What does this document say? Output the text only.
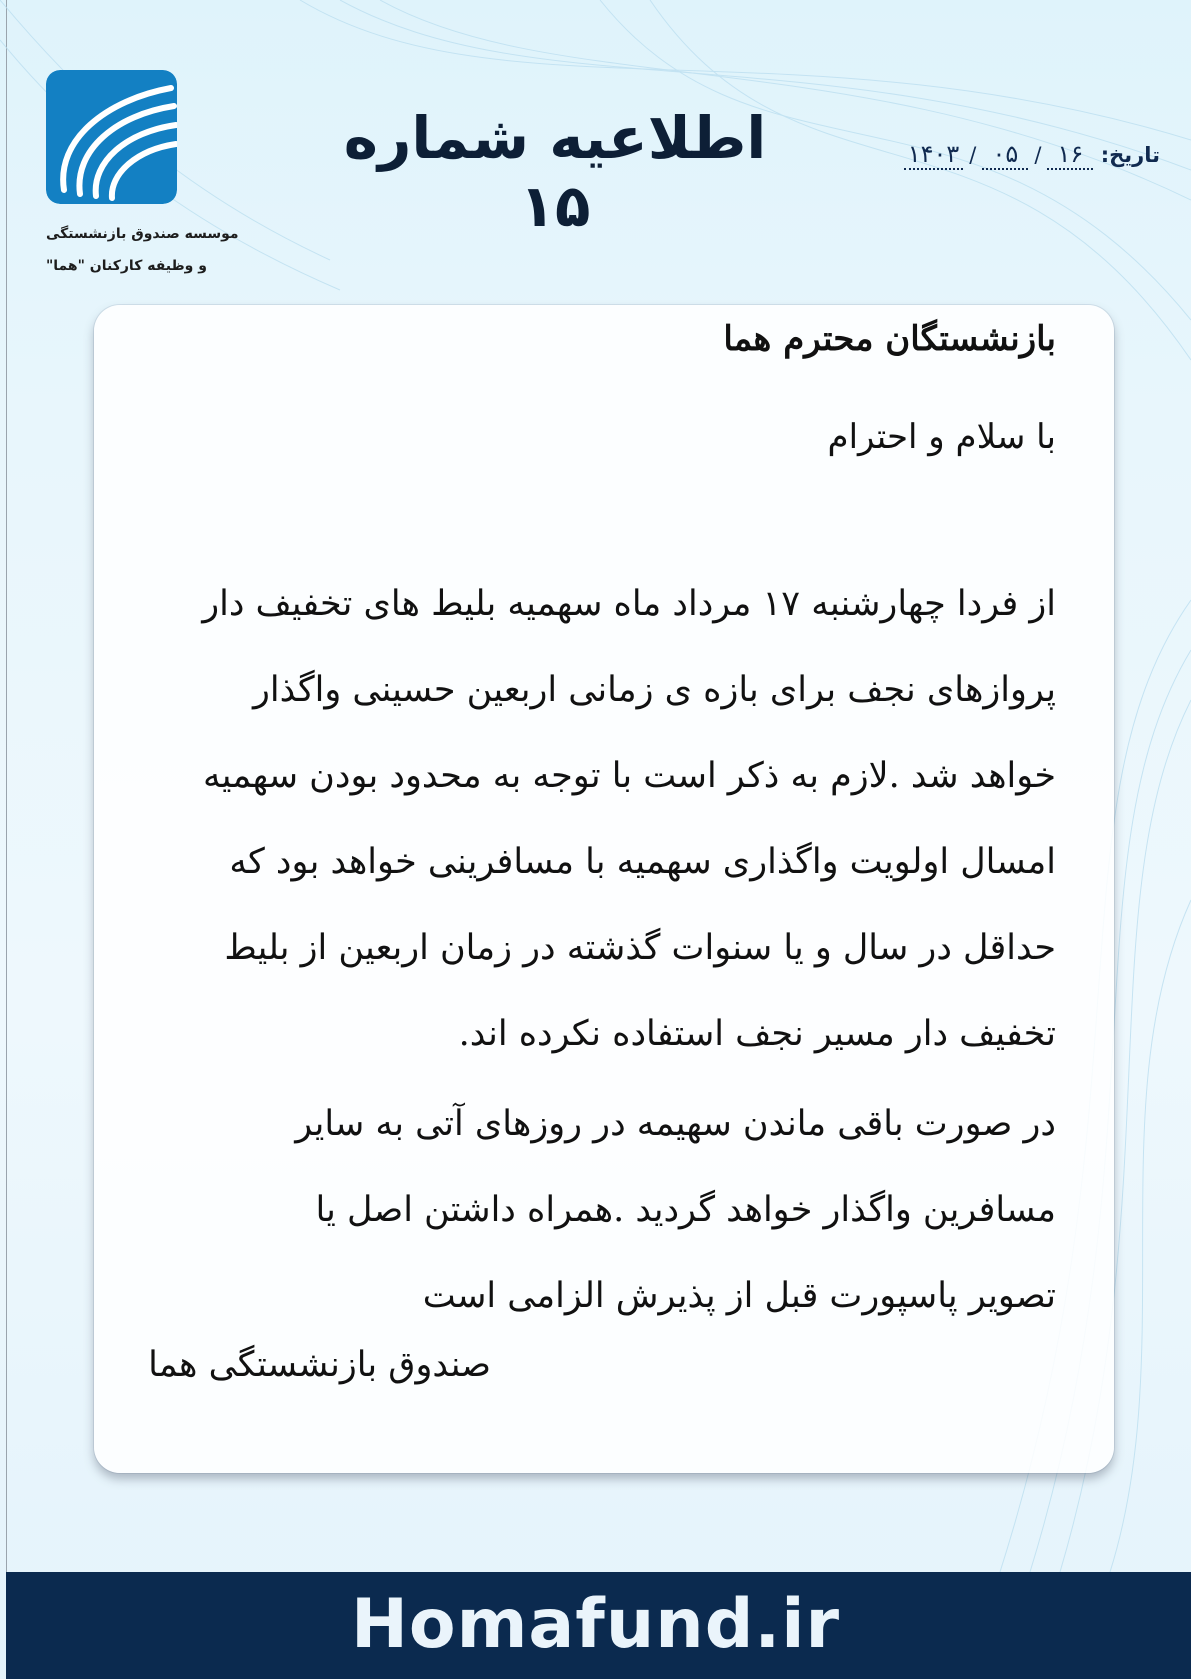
موسسه صندوق بازنشستگی
و وظیفه کارکنان "هما"
اطلاعیه شماره ۱۵
تاریخ: ۱۶/۰۵/۱۴۰۳
بازنشستگان محترم هما
با سلام و احترام
از فردا چهارشنبه ۱۷ مرداد ماه سهمیه بلیط های تخفیف دار
پروازهای نجف برای بازه ی زمانی اربعین حسینی واگذار
خواهد شد .لازم به ذکر است با توجه به محدود بودن سهمیه
امسال اولویت واگذاری سهمیه با مسافرینی خواهد بود که
حداقل در سال و یا سنوات گذشته در زمان اربعین از بلیط
تخفیف دار مسیر نجف استفاده نکرده اند.
در صورت باقی ماندن سهیمه در روزهای آتی به سایر
مسافرین واگذار خواهد گردید .همراه داشتن اصل یا
تصویر پاسپورت قبل از پذیرش الزامی است
صندوق بازنشستگی هما
Homafund.ir
